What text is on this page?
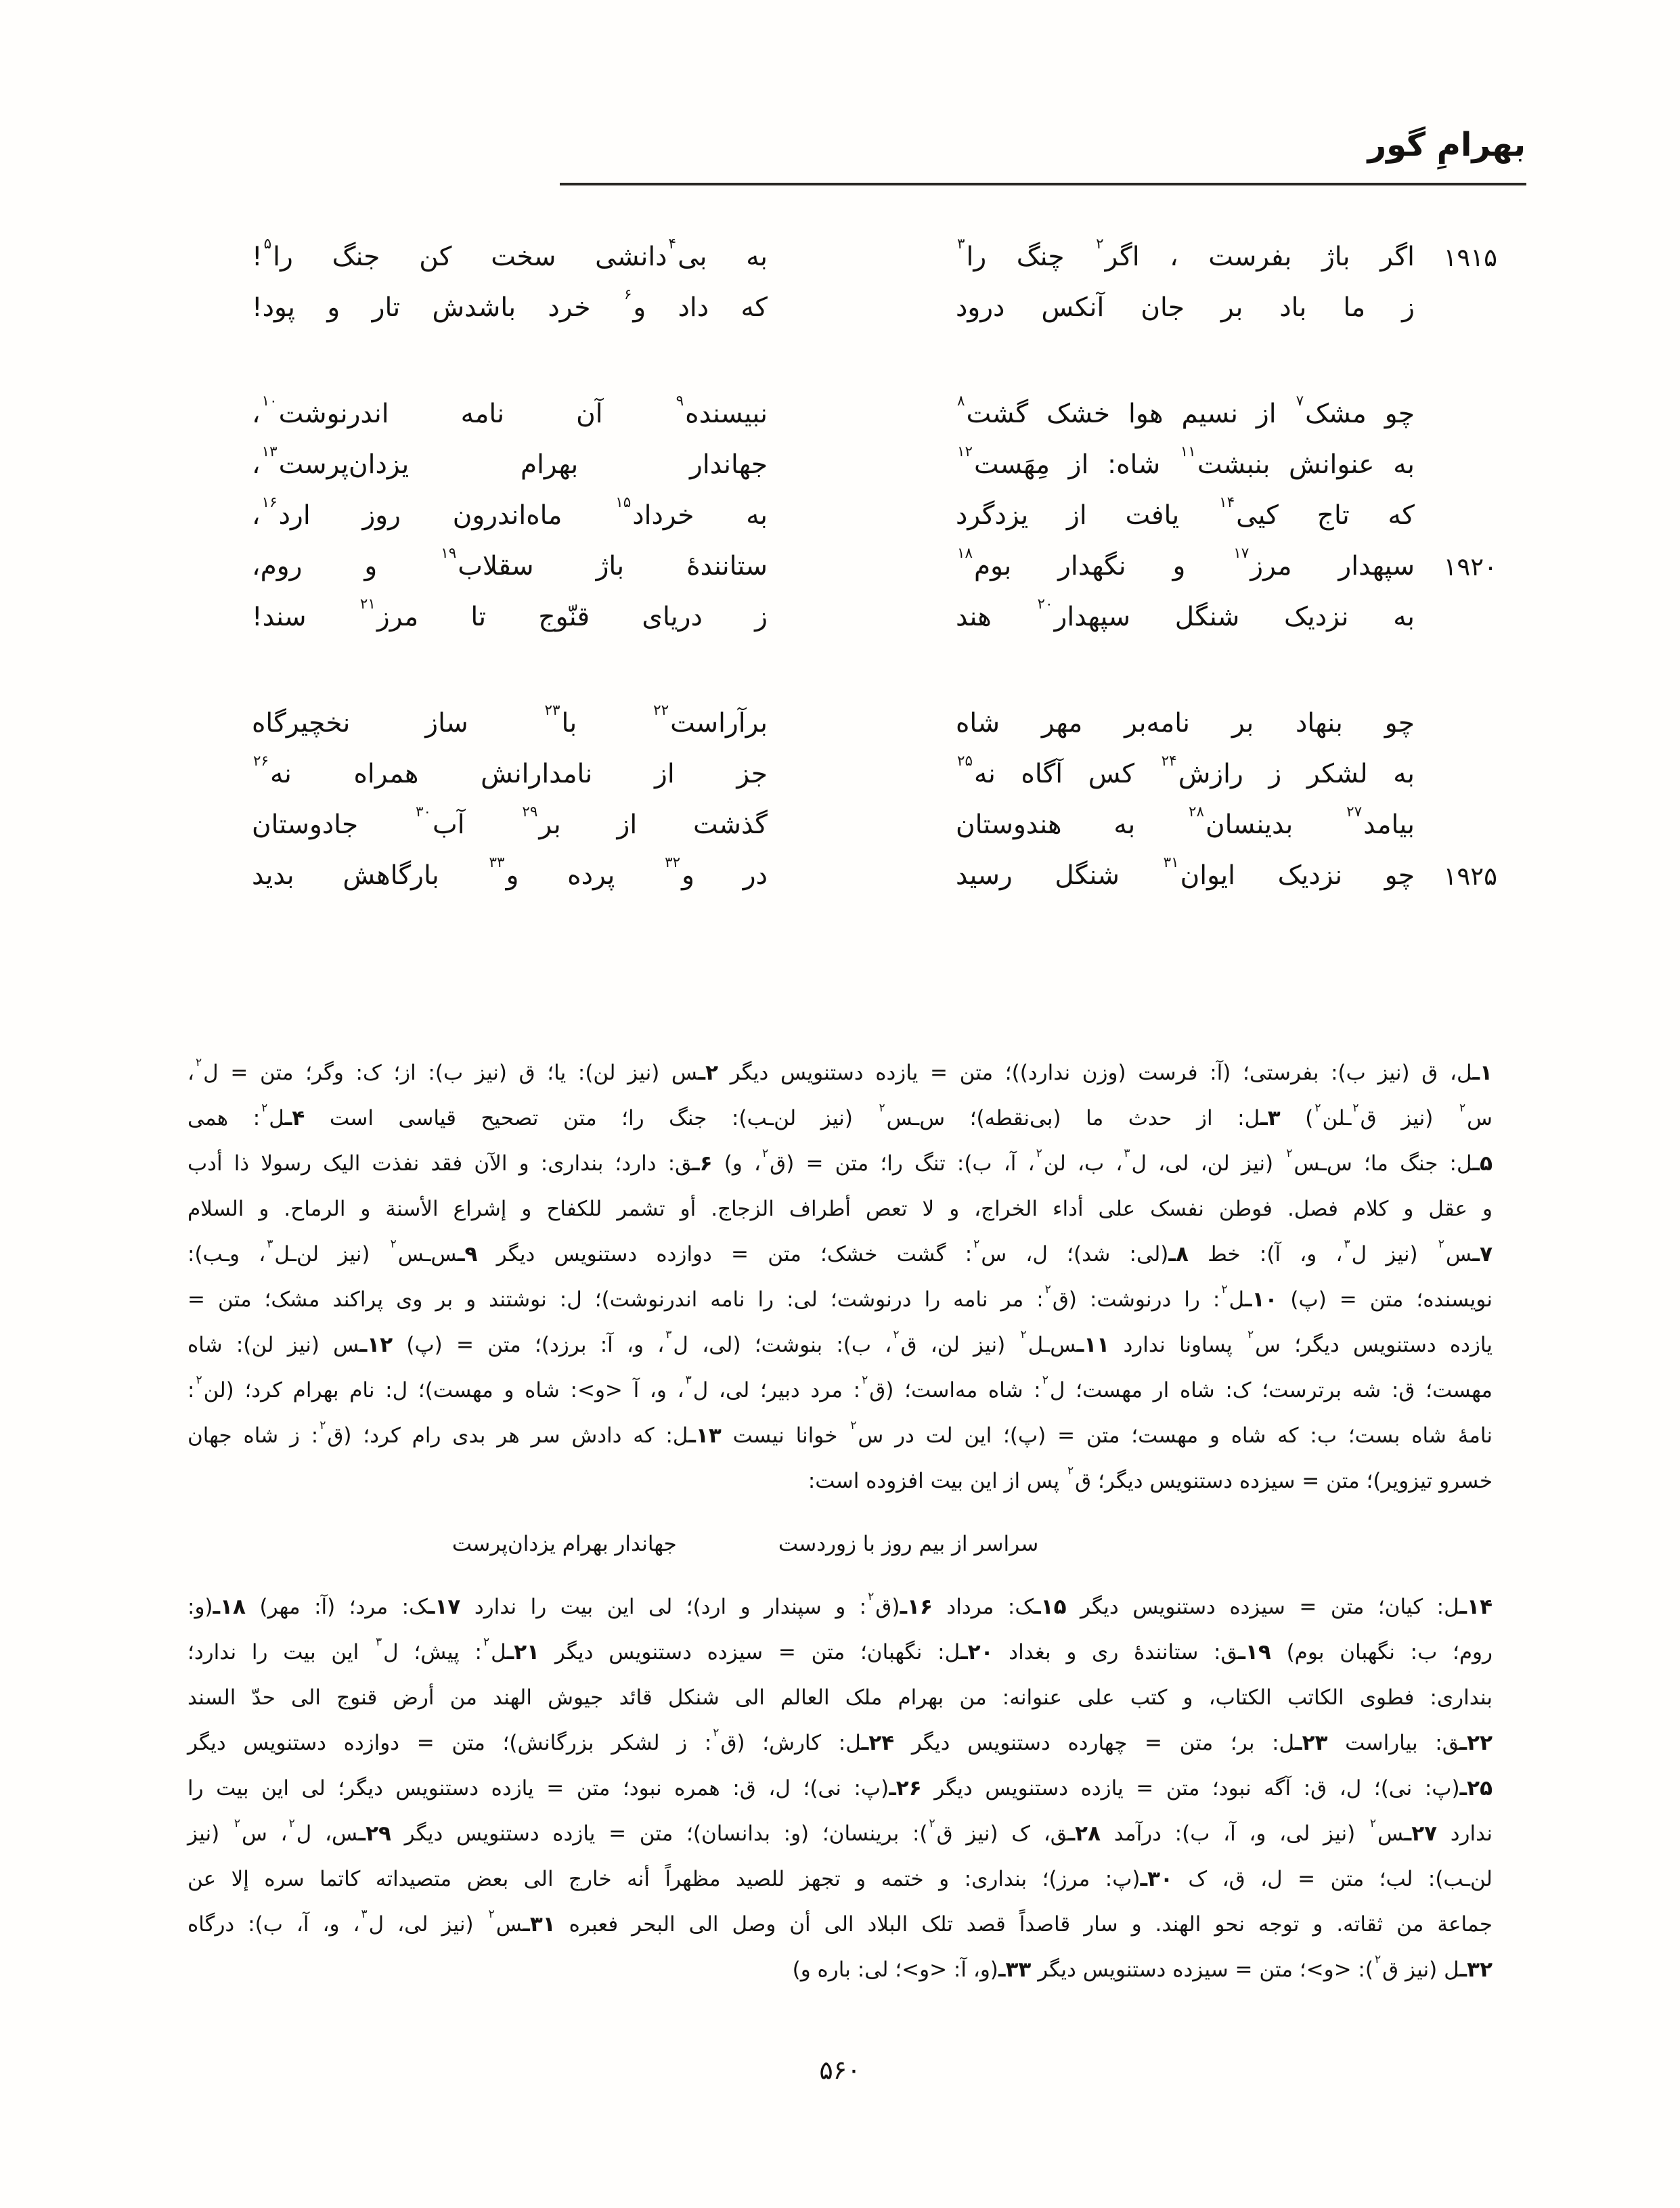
بهرامِ گور
۱۹۱۵
اگر باژ بفرست ، اگر$^۲$ چنگ را$^۳$
به بی$^۴$دانشی سخت کن جنگ را$^۵$!
ز ما باد بر جان آنکس درود
که داد و$^۶$ خرد باشدش تار و پود!
چو مشک$^۷$ از نسیم هوا خشک گشت$^۸$
نبیسنده$^۹$ آن نامه اندرنوشت$^{۱۰}$،
به عنوانش بنبشت$^{۱۱}$ شاه: از مِهَست$^{۱۲}$
جهاندار بهرام یزدان‌پرست$^{۱۳}$،
که تاج کیی$^{۱۴}$ یافت از یزدگرد
به خرداد$^{۱۵}$ ماه‌اندرون روز ارد$^{۱۶}$،
۱۹۲۰
سپهدار مرز$^{۱۷}$ و نگهدار بوم$^{۱۸}$
ستانندهٔ باژ سقلاب$^{۱۹}$ و روم،
به نزدیک شنگل سپهدار$^{۲۰}$ هند
ز دریای قنّوج تا مرز$^{۲۱}$ سند!
چو بنهاد بر نامه‌بر مهر شاه
برآراست$^{۲۲}$ با$^{۲۳}$ ساز نخچیرگاه
به لشکر ز رازش$^{۲۴}$ کس آگاه نه$^{۲۵}$
جز از نامدارانش همراه نه$^{۲۶}$
بیامد$^{۲۷}$ بدینسان$^{۲۸}$ به هندوستان
گذشت از بر$^{۲۹}$ آب$^{۳۰}$ جادوستان
۱۹۲۵
چو نزدیک ایوان$^{۳۱}$ شنگل رسید
در و$^{۳۲}$ پرده و$^{۳۳}$ بارگاهش بدید
۱ـل، ق (نیز ب): بفرستی؛ (آ: فرست (وزن ندارد))؛ متن = یازده دستنویس دیگر ۲ـس (نیز لن): یا؛ ق (نیز ب): از؛ ک: وگر؛ متن = ل$^۲$،
س$^۲$ (نیز ق$^۲$ـلن$^۲$) ۳ـل: از حدث ما (بی‌نقطه)؛ س‌ـس$^۲$ (نیز لن‌ـب): جنگ را؛ متن تصحیح قیاسی است ۴ـل$^۲$: همی
۵ـل: جنگ ما؛ س‌ـس$^۲$ (نیز لن، لی، ل$^۳$، ب، لن$^۲$، آ، ب): تنگ را؛ متن = (ق$^۲$، و) ۶ـق: دارد؛ بنداری: و الآن فقد نفذت الیک رسولا ذا أدب
و عقل و کلام فصل. فوطن نفسک علی أداء الخراج، و لا تعص أطراف الزجاج. أو تشمر للکفاح و إشراع الأسنة و الرماح. و السلام
۷ـس$^۲$ (نیز ل$^۳$، و، آ): خط ۸ـ(لی: شد)؛ ل، س$^۲$: گشت خشک؛ متن = دوازده دستنویس دیگر ۹ـس‌ـس$^۲$ (نیز لن‌ـل$^۳$، وـب):
نویسنده؛ متن = (پ) ۱۰ـل$^۲$: را درنوشت: (ق$^۲$: مر نامه را درنوشت؛ لی: را نامه اندرنوشت)؛ ل: نوشتند و بر وی پراکند مشک؛ متن =
یازده دستنویس دیگر؛ س$^۲$ پساونا ندارد ۱۱ـس‌ـل$^۲$ (نیز لن، ق$^۲$، ب): بنوشت؛ (لی، ل$^۳$، و، آ: برزد)؛ متن = (پ) ۱۲ـس (نیز لن): شاه
مهست؛ ق: شه برترست؛ ک: شاه ار مهست؛ ل$^۲$: شاه مه‌است؛ (ق$^۲$: مرد دبیر؛ لی، ل$^۳$، و، آ <و>: شاه و مهست)؛ ل: نام بهرام کرد؛ (لن$^۲$:
نامهٔ شاه بست؛ ب: که شاه و مهست؛ متن = (پ)؛ این لت در س$^۲$ خوانا نیست ۱۳ـل: که دادش سر هر بدی رام کرد؛ (ق$^۲$: ز شاه جهان
خسرو تیزویر)؛ متن = سیزده دستنویس دیگر؛ ق$^۲$ پس از این بیت افزوده است:
سراسر از بیم روز با زوردست
جهاندار بهرام یزدان‌پرست
۱۴ـل: کیان؛ متن = سیزده دستنویس دیگر ۱۵ـک: مرداد ۱۶ـ(ق$^۲$: و سپندار و ارد)؛ لی این بیت را ندارد ۱۷ـک: مرد؛ (آ: مهر) ۱۸ـ(و:
روم؛ ب: نگهبان بوم) ۱۹ـق: ستانندهٔ ری و بغداد ۲۰ـل: نگهبان؛ متن = سیزده دستنویس دیگر ۲۱ـل$^۲$: پیش؛ ل$^۳$ این بیت را ندارد؛
بنداری: فطوی الکاتب الکتاب، و کتب علی عنوانه: من بهرام ملک العالم الی شنکل قائد جیوش الهند من أرض قنوج الی حدّ السند
۲۲ـق: بیاراست ۲۳ـل: بر؛ متن = چهارده دستنویس دیگر ۲۴ـل: کارش؛ (ق$^۲$: ز لشکر بزرگانش)؛ متن = دوازده دستنویس دیگر
۲۵ـ(پ: نی)؛ ل، ق: آگه نبود؛ متن = یازده دستنویس دیگر ۲۶ـ(پ: نی)؛ ل، ق: همره نبود؛ متن = یازده دستنویس دیگر؛ لی این بیت را
ندارد ۲۷ـس$^۲$ (نیز لی، و، آ، ب): درآمد ۲۸ـق، ک (نیز ق$^۲$): برینسان؛ (و: بدانسان)؛ متن = یازده دستنویس دیگر ۲۹ـس، ل$^۲$، س$^۲$ (نیز
لن‌ـب): لب؛ متن = ل، ق، ک ۳۰ـ(پ: مرز)؛ بنداری: و ختمه و تجهز للصید مظهراً أنه خارج الی بعض متصیداته کاتما سره إلا عن
جماعة من ثقاته. و توجه نحو الهند. و سار قاصداً قصد تلک البلاد الی أن وصل الی البحر فعبره ۳۱ـس$^۲$ (نیز لی، ل$^۳$، و، آ، ب): درگاه
۳۲ـل (نیز ق$^۲$): <و>؛ متن = سیزده دستنویس دیگر ۳۳ـ(و، آ: <و>؛ لی: باره و)
۵۶۰
